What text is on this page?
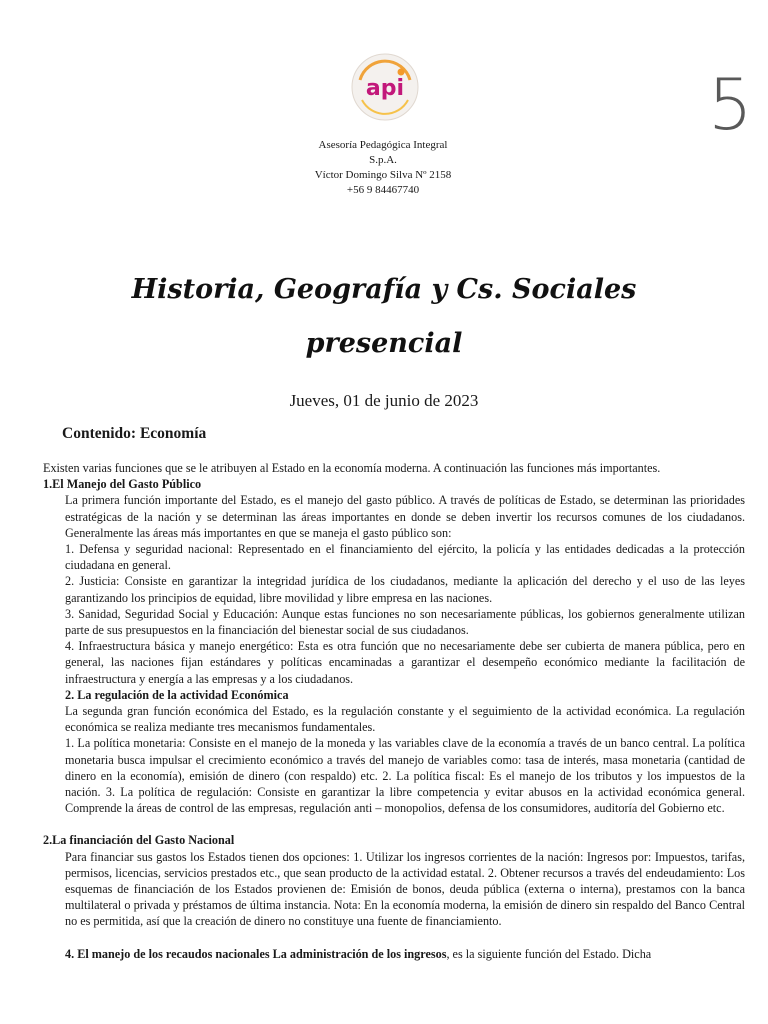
api	5
Asesoría Pedagógica Integral
S.p.A.
Víctor Domingo Silva Nº 2158
+56 9 84467740
Historia, Geografía y Cs. Sociales
presencial
Jueves, 01 de junio de 2023
Contenido: Economía

Existen varias funciones que se le atribuyen al Estado en la economía moderna. A continuación las funciones más importantes.

1.El Manejo del Gasto Público

La primera función importante del Estado, es el manejo del gasto público. A través de políticas de Estado, se determinan las prioridades estratégicas de la nación y se determinan las áreas importantes en donde se deben invertir los recursos comunes de los ciudadanos. Generalmente las áreas más importantes en que se maneja el gasto público son:

1. Defensa y seguridad nacional: Representado en el financiamiento del ejército, la policía y las entidades dedicadas a la protección ciudadana en general.

2. Justicia: Consiste en garantizar la integridad jurídica de los ciudadanos, mediante la aplicación del derecho y el uso de las leyes garantizando los principios de equidad, libre movilidad y libre empresa en las naciones.

3. Sanidad, Seguridad Social y Educación: Aunque estas funciones no son necesariamente públicas, los gobiernos generalmente utilizan parte de sus presupuestos en la financiación del bienestar social de sus ciudadanos.

4. Infraestructura básica y manejo energético: Esta es otra función que no necesariamente debe ser cubierta de manera pública, pero en general, las naciones fijan estándares y políticas encaminadas a garantizar el desempeño económico mediante la facilitación de infraestructura y energía a las empresas y a los ciudadanos.

2. La regulación de la actividad Económica

La segunda gran función económica del Estado, es la regulación constante y el seguimiento de la actividad económica. La regulación económica se realiza mediante tres mecanismos fundamentales.

1. La política monetaria: Consiste en el manejo de la moneda y las variables clave de la economía a través de un banco central. La política monetaria busca impulsar el crecimiento económico a través del manejo de variables como: tasa de interés, masa monetaria (cantidad de dinero en la economía), emisión de dinero (con respaldo) etc. 2. La política fiscal: Es el manejo de los tributos y los impuestos de la nación. 3. La política de regulación: Consiste en garantizar la libre competencia y evitar abusos en la actividad económica general. Comprende la áreas de control de las empresas, regulación anti – monopolios, defensa de los consumidores, auditoría del Gobierno etc.

2.La financiación del Gasto Nacional

Para financiar sus gastos los Estados tienen dos opciones: 1. Utilizar los ingresos corrientes de la nación: Ingresos por: Impuestos, tarifas, permisos, licencias, servicios prestados etc., que sean producto de la actividad estatal. 2. Obtener recursos a través del endeudamiento: Los esquemas de financiación de los Estados provienen de: Emisión de bonos, deuda pública (externa o interna), prestamos con la banca multilateral o privada y préstamos de última instancia. Nota: En la economía moderna, la emisión de dinero sin respaldo del Banco Central no es permitida, así que la creación de dinero no constituye una fuente de financiamiento.

4. El manejo de los recaudos nacionales La administración de los ingresos, es la siguiente función del Estado. Dicha
